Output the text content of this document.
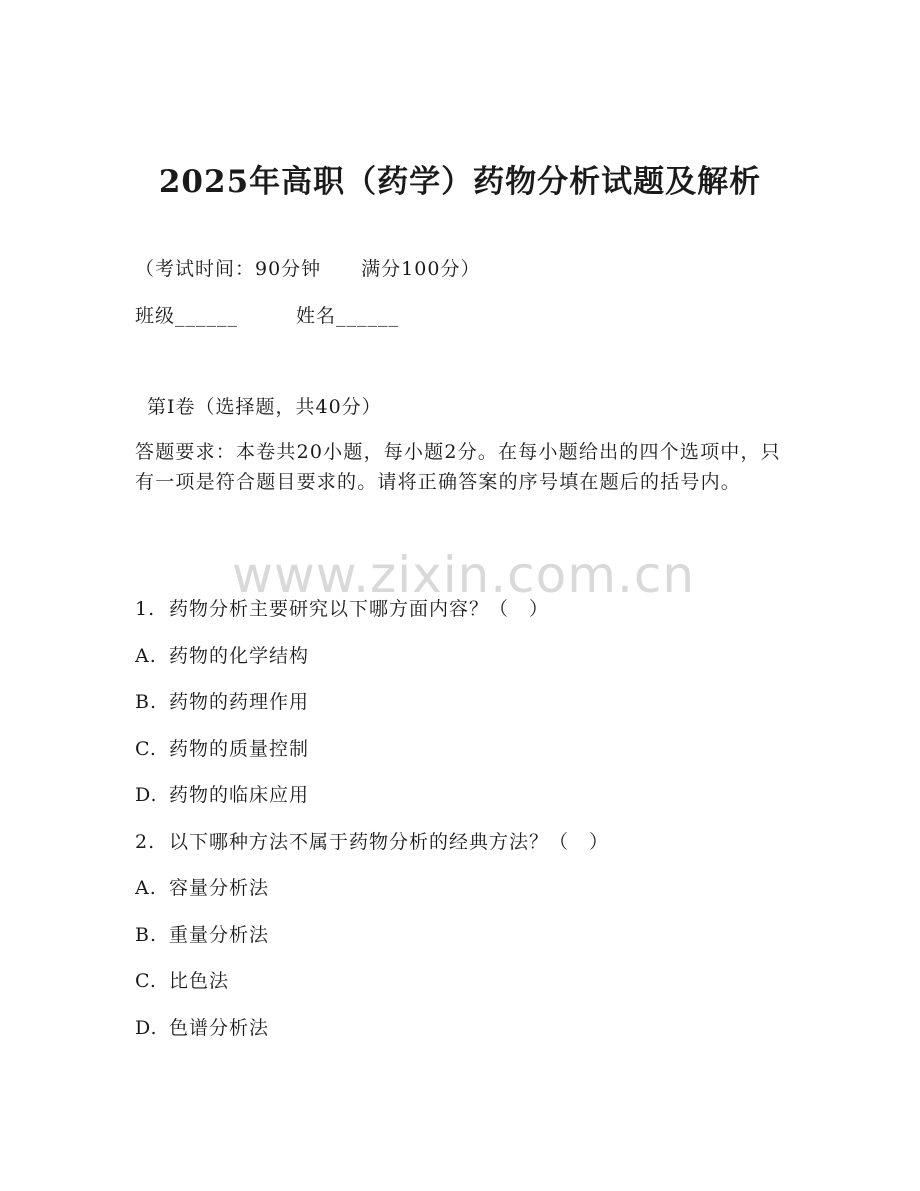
2025年高职（药学）药物分析试题及解析
（考试时间：90分钟　　满分100分）
班级______	姓名______
第I卷（选择题，共40分）
答题要求：本卷共20小题，每小题2分。在每小题给出的四个选项中，只有一项是符合题目要求的。请将正确答案的序号填在题后的括号内。
www.zixin.com.cn
1. 药物分析主要研究以下哪方面内容？（　）
A. 药物的化学结构
B. 药物的药理作用
C. 药物的质量控制
D. 药物的临床应用
2. 以下哪种方法不属于药物分析的经典方法？（　）
A. 容量分析法
B. 重量分析法
C. 比色法
D. 色谱分析法
